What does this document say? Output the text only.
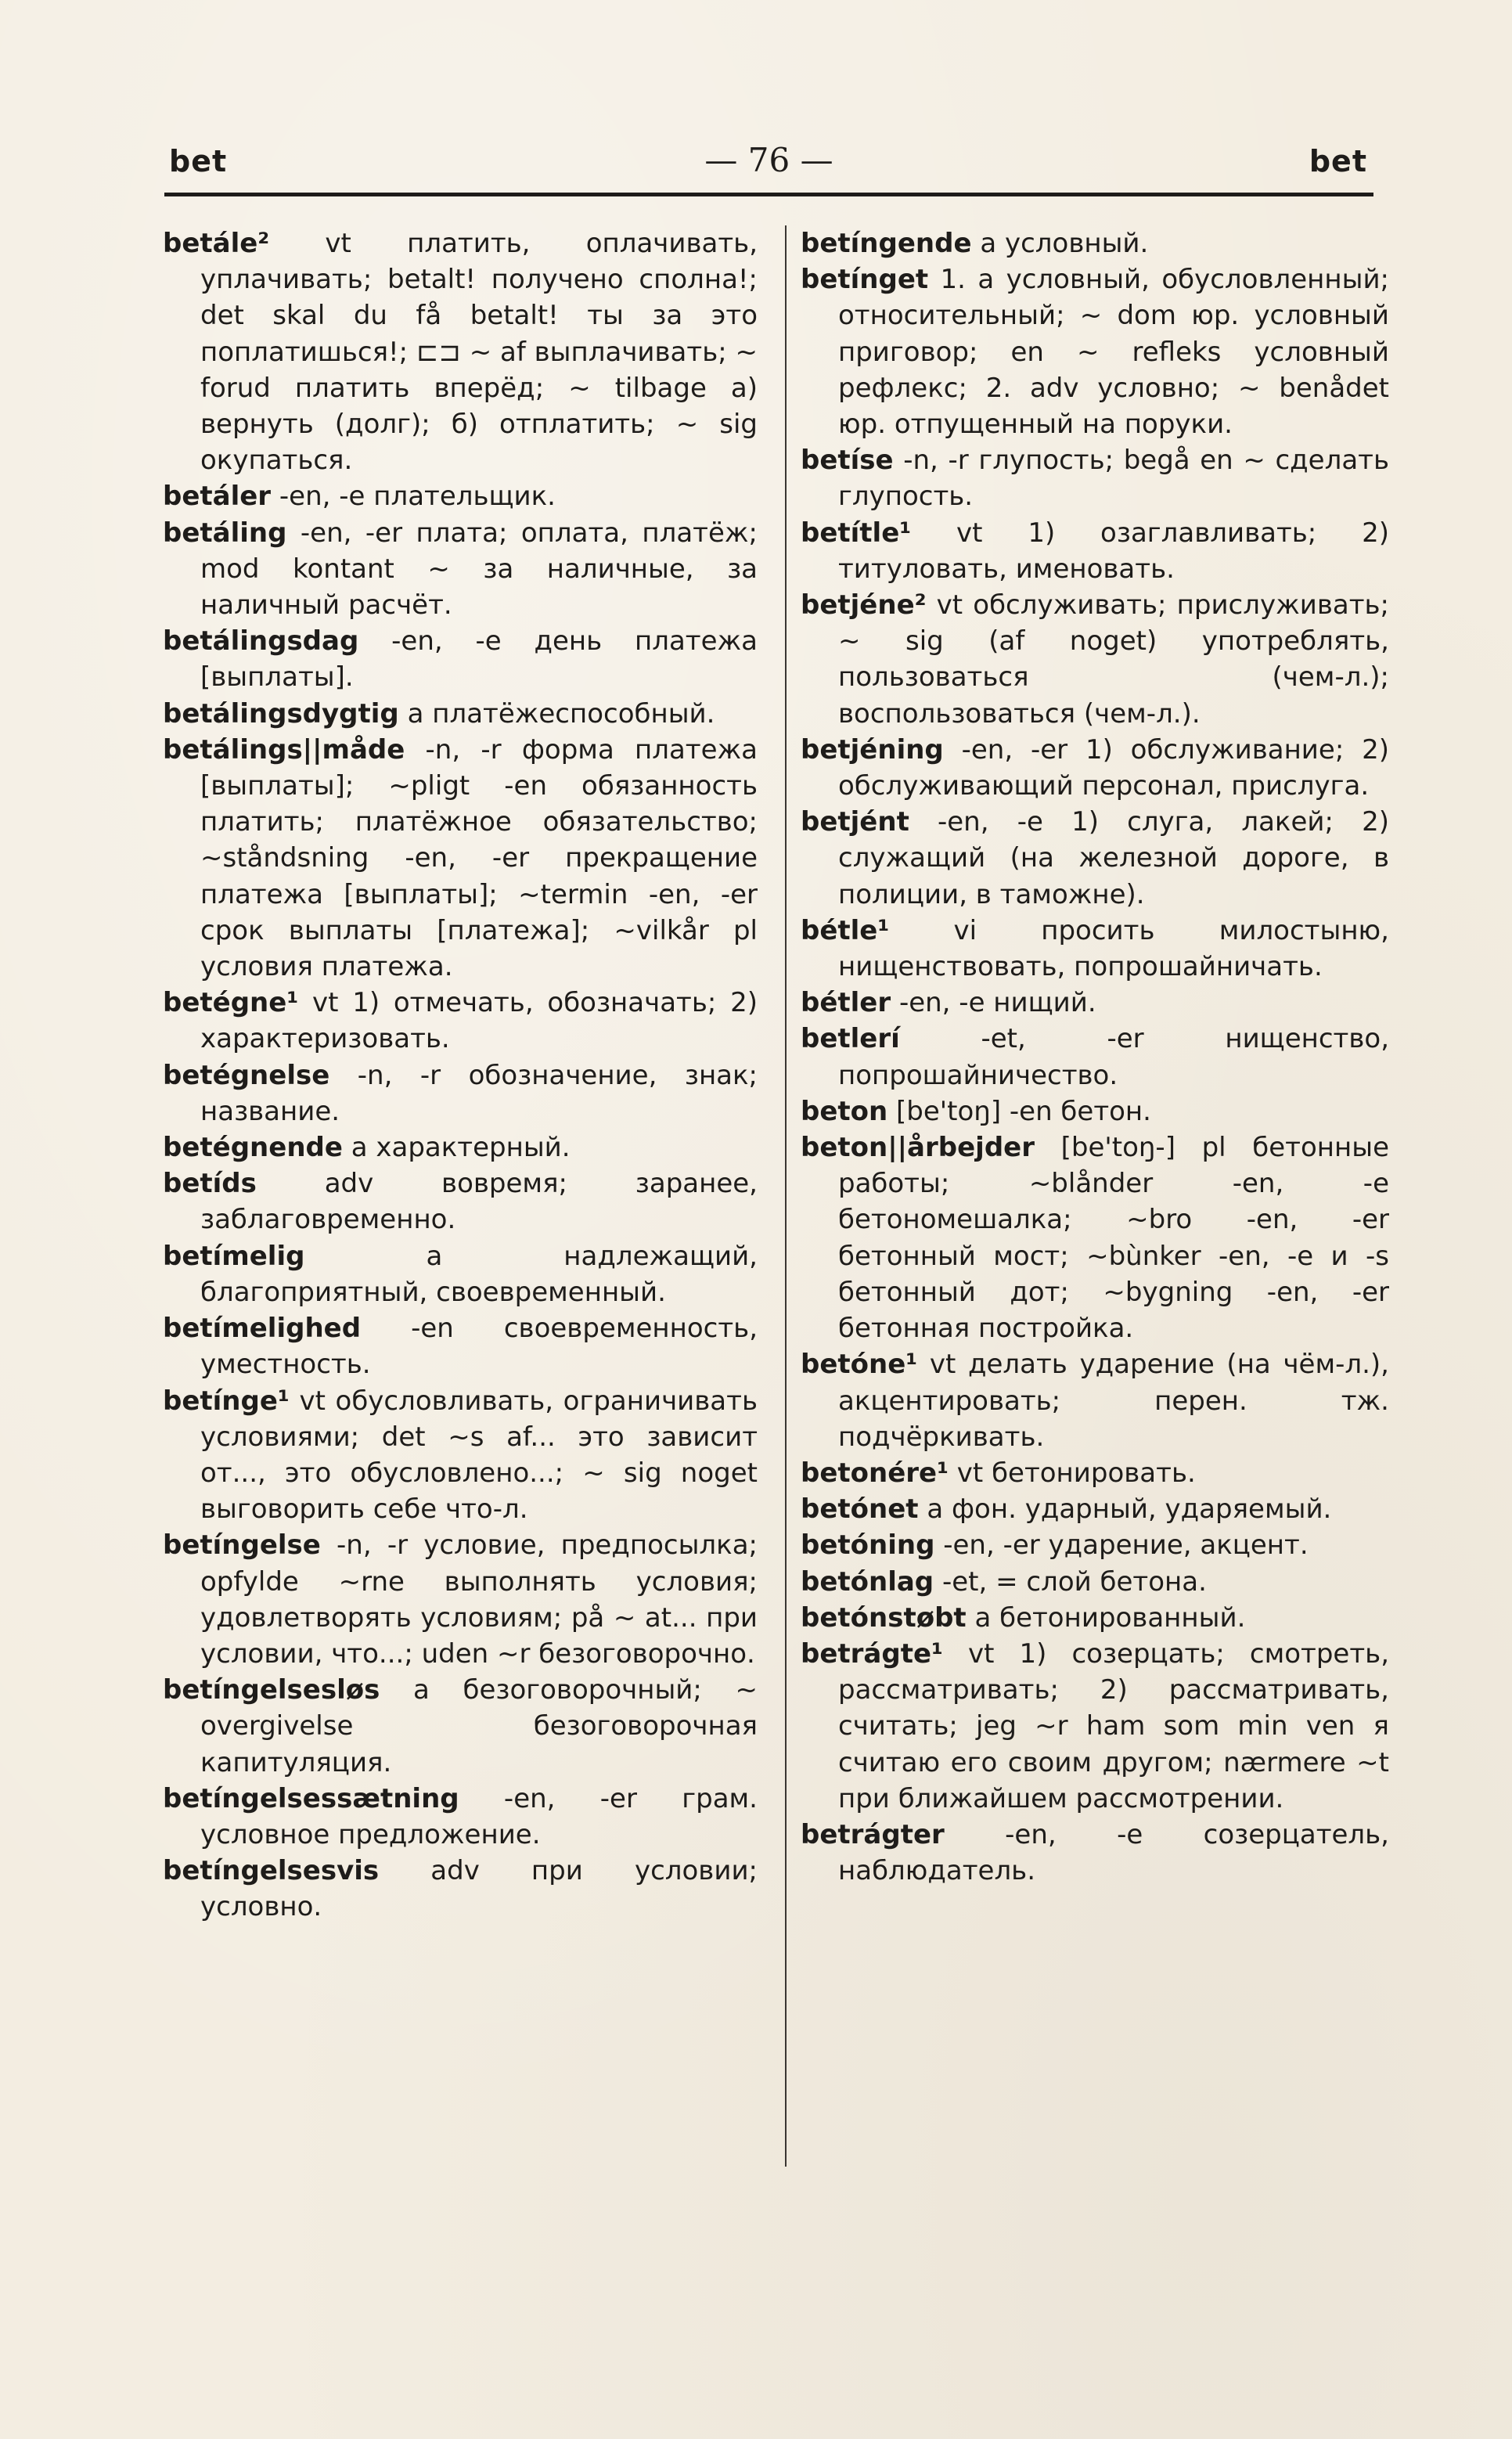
bet	— 76 —	bet

betále² vt платить, оплачивать, уплачивать; betalt! получено сполна!; det skal du få betalt! ты за это поплатишься!; ⊏⊐ ~ af выплачивать; ~ forud платить вперёд; ~ tilbage а) вернуть (долг); б) отплатить; ~ sig окупаться.

betáler -en, -e плательщик.

betáling -en, -er плата; оплата, платёж; mod kontant ~ за наличные, за наличный расчёт.

betálingsdag -en, -e день платежа [выплаты].

betálingsdygtig a платёжеспособный.

betálings||måde -n, -r форма платежа [выплаты]; ~pligt -en обязанность платить; платёжное обязательство; ~ståndsning -en, -er прекращение платежа [выплаты]; ~termin -en, -er срок выплаты [платежа]; ~vilkår pl условия платежа.

betégne¹ vt 1) отмечать, обозначать; 2) характеризовать.

betégnelse -n, -r обозначение, знак; название.

betégnende a характерный.

betíds adv вовремя; заранее, заблаговременно.

betímelig a надлежащий, благоприятный, своевременный.

betímelighed -en своевременность, уместность.

betínge¹ vt обусловливать, ограничивать условиями; det ~s af... это зависит от..., это обусловлено...; ~ sig noget выговорить себе что-л.

betíngelse -n, -r условие, предпосылка; opfylde ~rne выполнять условия; удовлетворять условиям; på ~ at... при условии, что...; uden ~r безоговорочно.

betíngelsesløs a безоговорочный; ~ overgivelse безоговорочная капитуляция.

betíngelsessætning -en, -er грам. условное предложение.

betíngelsesvis adv при условии; условно.

betíngende a условный.

betínget 1. a условный, обусловленный; относительный; ~ dom юр. условный приговор; en ~ refleks условный рефлекс; 2. adv условно; ~ benådet юр. отпущенный на поруки.

betíse -n, -r глупость; begå en ~ сделать глупость.

betítle¹ vt 1) озаглавливать; 2) титуловать, именовать.

betjéne² vt обслуживать; прислуживать; ~ sig (af noget) употреблять, пользоваться (чем-л.); воспользоваться (чем-л.).

betjéning -en, -er 1) обслуживание; 2) обслуживающий персонал, прислуга.

betjént -en, -e 1) слуга, лакей; 2) служащий (на железной дороге, в полиции, в таможне).

bétle¹ vi просить милостыню, нищенствовать, попрошайничать.

bétler -en, -e нищий.

betlerí -et, -er нищенство, попрошайничество.

beton [be'toŋ] -en бетон.

beton||årbejder [be'toŋ-] pl бетонные работы; ~blånder -en, -e бетономешалка; ~bro -en, -er бетонный мост; ~bùnker -en, -e и -s бетонный дот; ~bygning -en, -er бетонная постройка.

betóne¹ vt делать ударение (на чём-л.), акцентировать; перен. тж. подчёркивать.

betonére¹ vt бетонировать.

betónet a фон. ударный, ударяемый.

betóning -en, -er ударение, акцент.

betónlag -et, = слой бетона.

betónstøbt a бетонированный.

betrágte¹ vt 1) созерцать; смотреть, рассматривать; 2) рассматривать, считать; jeg ~r ham som min ven я считаю его своим другом; nærmere ~t при ближайшем рассмотрении.

betrágter -en, -e созерцатель, наблюдатель.
